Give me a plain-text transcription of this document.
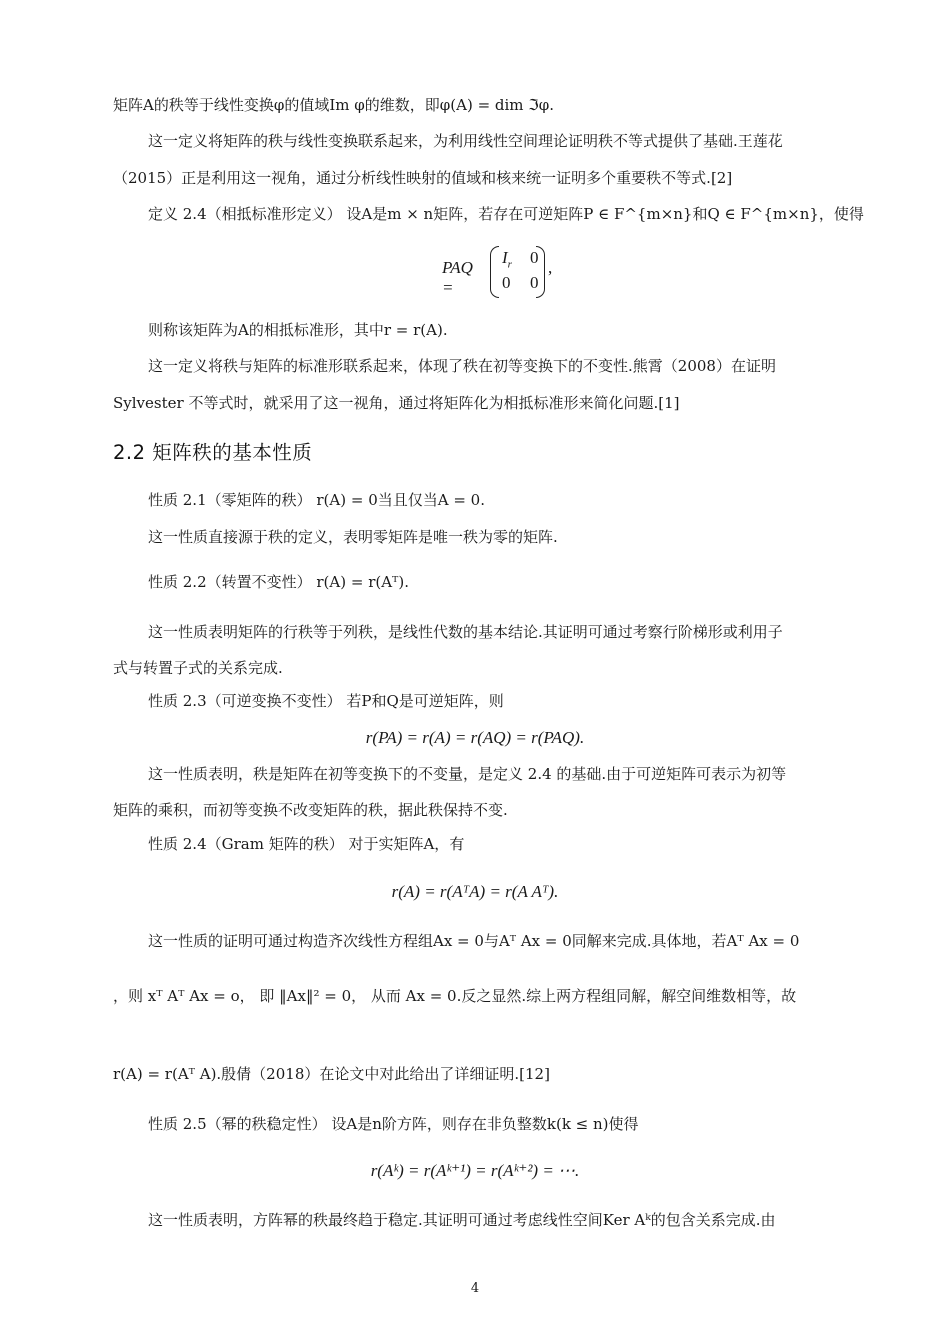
矩阵A的秩等于线性变换φ的值域Im φ的维数，即φ(A) = dim ℑφ.
这一定义将矩阵的秩与线性变换联系起来，为利用线性空间理论证明秩不等式提供了基础.王莲花
（2015）正是利用这一视角，通过分析线性映射的值域和核来统一证明多个重要秩不等式.[2]
定义 2.4（相抵标准形定义） 设A是m × n矩阵，若存在可逆矩阵P ∈ F^{m×n}和Q ∈ F^{m×n}，使得
PAQ =
$I_r$ 0
0 0
,
则称该矩阵为A的相抵标准形，其中r = r(A).
这一定义将秩与矩阵的标准形联系起来，体现了秩在初等变换下的不变性.熊霄（2008）在证明
Sylvester 不等式时，就采用了这一视角，通过将矩阵化为相抵标准形来简化问题.[1]
2.2 矩阵秩的基本性质
性质 2.1（零矩阵的秩） r(A) = 0当且仅当A = 0.
这一性质直接源于秩的定义，表明零矩阵是唯一秩为零的矩阵.
性质 2.2（转置不变性） r(A) = r(Aᵀ).
这一性质表明矩阵的行秩等于列秩，是线性代数的基本结论.其证明可通过考察行阶梯形或利用子
式与转置子式的关系完成.
性质 2.3（可逆变换不变性） 若P和Q是可逆矩阵，则
r(PA) = r(A) = r(AQ) = r(PAQ).
这一性质表明，秩是矩阵在初等变换下的不变量，是定义 2.4 的基础.由于可逆矩阵可表示为初等
矩阵的乘积，而初等变换不改变矩阵的秩，据此秩保持不变.
性质 2.4（Gram 矩阵的秩） 对于实矩阵A，有
r(A) = r(AᵀA) = r(A Aᵀ).
这一性质的证明可通过构造齐次线性方程组Ax = 0与Aᵀ Ax = 0同解来完成.具体地，若Aᵀ Ax = 0
，则 xᵀ Aᵀ Ax = o， 即 ‖Ax‖² = 0， 从而 Ax = 0.反之显然.综上两方程组同解，解空间维数相等，故
r(A) = r(Aᵀ A).殷倩（2018）在论文中对此给出了详细证明.[12]
性质 2.5（幂的秩稳定性） 设A是n阶方阵，则存在非负整数k(k ≤ n)使得
r(Aᵏ) = r(Aᵏ⁺¹) = r(Aᵏ⁺²) = ⋯.
这一性质表明，方阵幂的秩最终趋于稳定.其证明可通过考虑线性空间Ker Aᵏ的包含关系完成.由
4
